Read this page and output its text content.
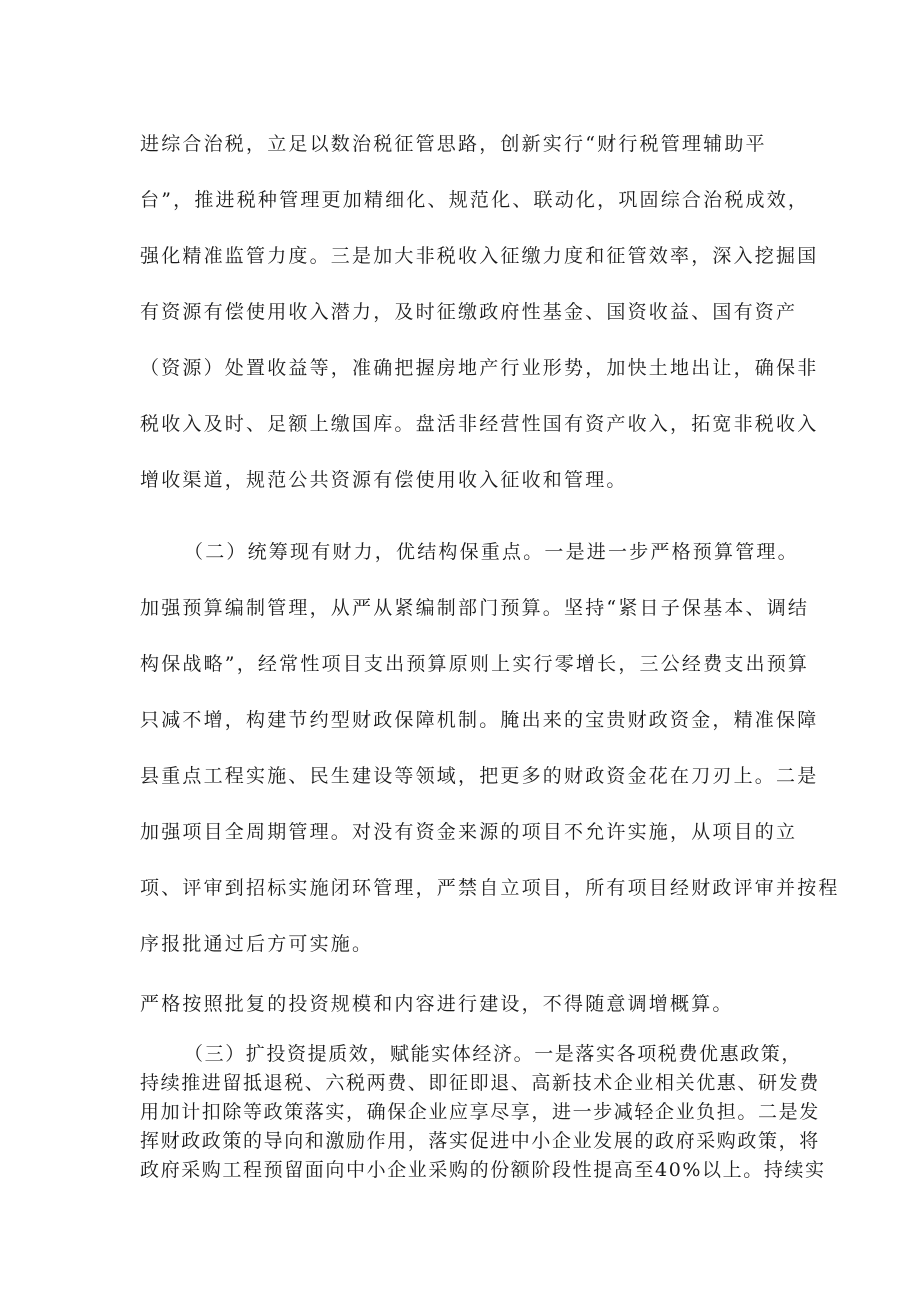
进综合治税，立足以数治税征管思路，创新实行“财行税管理辅助平
台”，推进税种管理更加精细化、规范化、联动化，巩固综合治税成效，
强化精准监管力度。三是加大非税收入征缴力度和征管效率，深入挖掘国
有资源有偿使用收入潜力，及时征缴政府性基金、国资收益、国有资产
（资源）处置收益等，准确把握房地产行业形势，加快土地出让，确保非
税收入及时、足额上缴国库。盘活非经营性国有资产收入，拓宽非税收入
增收渠道，规范公共资源有偿使用收入征收和管理。
（二）统筹现有财力，优结构保重点。一是进一步严格预算管理。
加强预算编制管理，从严从紧编制部门预算。坚持“紧日子保基本、调结
构保战略”，经常性项目支出预算原则上实行零增长，三公经费支出预算
只减不增，构建节约型财政保障机制。腌出来的宝贵财政资金，精准保障
县重点工程实施、民生建设等领域，把更多的财政资金花在刀刃上。二是
加强项目全周期管理。对没有资金来源的项目不允许实施，从项目的立
项、评审到招标实施闭环管理，严禁自立项目，所有项目经财政评审并按程
序报批通过后方可实施。
严格按照批复的投资规模和内容进行建设，不得随意调增概算。
（三）扩投资提质效，赋能实体经济。一是落实各项税费优惠政策，
持续推进留抵退税、六税两费、即征即退、高新技术企业相关优惠、研发费
用加计扣除等政策落实，确保企业应享尽享，进一步减轻企业负担。二是发
挥财政政策的导向和激励作用，落实促进中小企业发展的政府采购政策，将
政府采购工程预留面向中小企业采购的份额阶段性提高至40%以上。持续实
